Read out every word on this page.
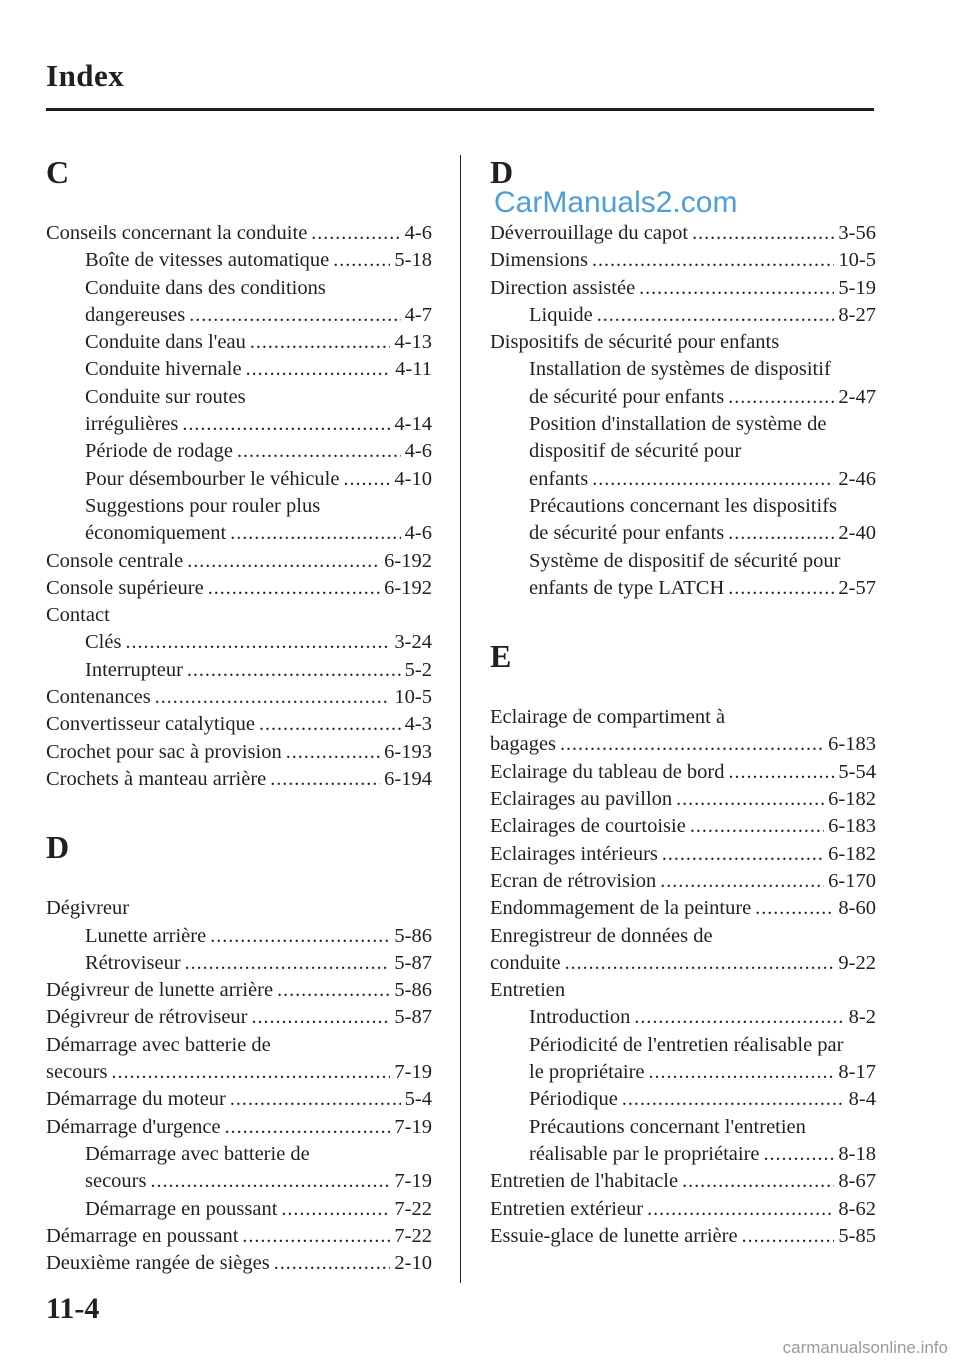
Index
C
Conseils concernant la conduite .....	4-6
Boîte de vitesses automatique .....	5-18
Conduite dans des conditions
dangereuses .....	4-7
Conduite dans l'eau .....	4-13
Conduite hivernale .....	4-11
Conduite sur routes
irrégulières .....	4-14
Période de rodage .....	4-6
Pour désembourber le véhicule .....	4-10
Suggestions pour rouler plus
économiquement .....	4-6
Console centrale .....	6-192
Console supérieure .....	6-192
Contact
Clés .....	3-24
Interrupteur .....	5-2
Contenances .....	10-5
Convertisseur catalytique .....	4-3
Crochet pour sac à provision .....	6-193
Crochets à manteau arrière .....	6-194
D
Dégivreur
Lunette arrière .....	5-86
Rétroviseur .....	5-87
Dégivreur de lunette arrière .....	5-86
Dégivreur de rétroviseur .....	5-87
Démarrage avec batterie de
secours .....	7-19
Démarrage du moteur .....	5-4
Démarrage d'urgence .....	7-19
Démarrage avec batterie de
secours .....	7-19
Démarrage en poussant .....	7-22
Démarrage en poussant .....	7-22
Deuxième rangée de sièges .....	2-10
D
Déverrouillage du capot .....	3-56
Dimensions .....	10-5
Direction assistée .....	5-19
Liquide .....	8-27
Dispositifs de sécurité pour enfants
Installation de systèmes de dispositif
de sécurité pour enfants .....	2-47
Position d'installation de système de
dispositif de sécurité pour
enfants .....	2-46
Précautions concernant les dispositifs
de sécurité pour enfants .....	2-40
Système de dispositif de sécurité pour
enfants de type LATCH .....	2-57
E
Eclairage de compartiment à
bagages .....	6-183
Eclairage du tableau de bord .....	5-54
Eclairages au pavillon .....	6-182
Eclairages de courtoisie .....	6-183
Eclairages intérieurs .....	6-182
Ecran de rétrovision .....	6-170
Endommagement de la peinture .....	8-60
Enregistreur de données de
conduite .....	9-22
Entretien
Introduction .....	8-2
Périodicité de l'entretien réalisable par
le propriétaire .....	8-17
Périodique .....	8-4
Précautions concernant l'entretien
réalisable par le propriétaire .....	8-18
Entretien de l'habitacle .....	8-67
Entretien extérieur .....	8-62
Essuie-glace de lunette arrière .....	5-85
CarManuals2.com
carmanualsonline.info
11-4
